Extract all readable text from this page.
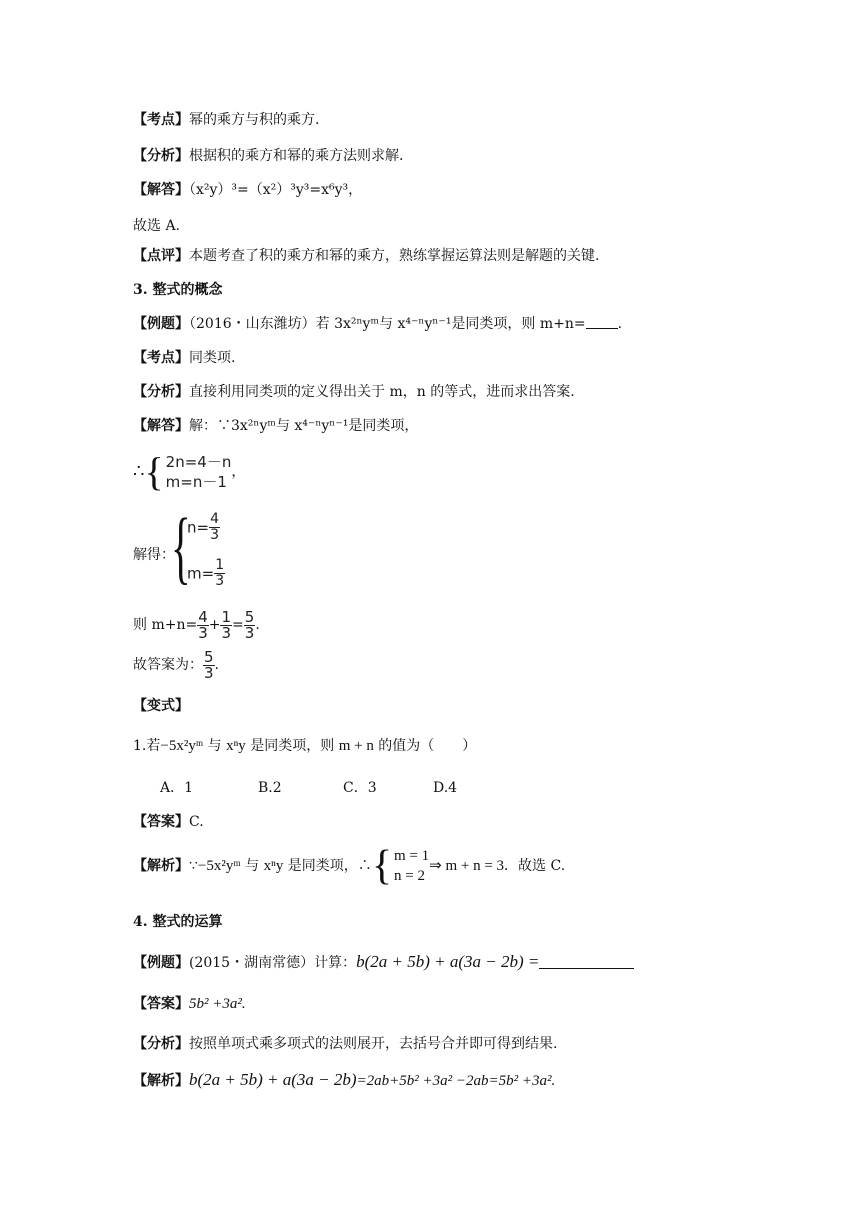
【考点】幂的乘方与积的乘方.
【分析】根据积的乘方和幂的乘方法则求解.
【解答】（x²y）³=（x²）³y³=x⁶y³，
故选 A.
【点评】本题考查了积的乘方和幂的乘方，熟练掌握运算法则是解题的关键.
3. 整式的概念
【例题】（2016・山东潍坊）若 3x²ⁿyᵐ与 x⁴⁻ⁿyⁿ⁻¹是同类项，则 m+n= .
【考点】同类项.
【分析】直接利用同类项的定义得出关于 m，n 的等式，进而求出答案.
【解答】解：∵3x²ⁿyᵐ与 x⁴⁻ⁿyⁿ⁻¹是同类项，
∴{ 2n=4－n
m=n－1
，
解得：
{
$n= \frac{4}{3}$
$m= \frac{1}{3}$
则 $m+n= \frac{4}{3} + \frac{1}{3} = \frac{5}{3}$ .
故答案为： $\frac{5}{3}$ .
【变式】
1.若−5x²yᵐ 与 xⁿy 是同类项，则 m + n 的值为（　　）
A．1	B.2	C．3	D.4
【答案】C.
【解析】∵−5x²yᵐ 与 xⁿy 是同类项，∴{ m = 1
n = 2
⇒ m + n = 3．故选 C.
4. 整式的运算
【例题】(2015・湖南常德）计算：b(2a + 5b) + a(3a − 2b) =
【答案】5b² +3a².
【分析】按照单项式乘多项式的法则展开，去括号合并即可得到结果.
【解析】b(2a + 5b) + a(3a − 2b)=2ab+5b² +3a² −2ab=5b² +3a².
